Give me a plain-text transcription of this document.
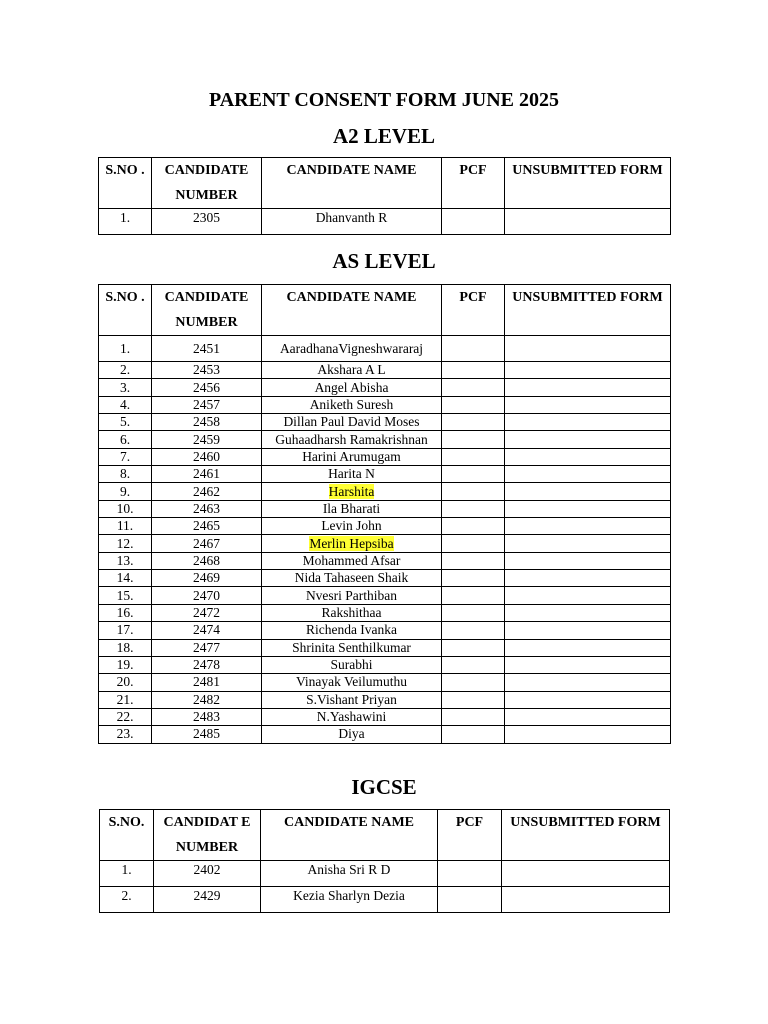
PARENT CONSENT FORM JUNE 2025
A2 LEVEL
S.NO .	CANDIDATE NUMBER	CANDIDATE NAME	PCF	UNSUBMITTED FORM
1.	2305	Dhanvanth R		
AS LEVEL
S.NO .	CANDIDATE NUMBER	CANDIDATE NAME	PCF	UNSUBMITTED FORM
1.	2451	AaradhanaVigneshwararaj		
2.	2453	Akshara A L		
3.	2456	Angel Abisha		
4.	2457	Aniketh Suresh		
5.	2458	Dillan Paul David Moses		
6.	2459	Guhaadharsh Ramakrishnan		
7.	2460	Harini Arumugam		
8.	2461	Harita N		
9.	2462	Harshita		
10.	2463	Ila Bharati		
11.	2465	Levin John		
12.	2467	Merlin Hepsiba		
13.	2468	Mohammed Afsar		
14.	2469	Nida Tahaseen Shaik		
15.	2470	Nvesri Parthiban		
16.	2472	Rakshithaa		
17.	2474	Richenda Ivanka		
18.	2477	Shrinita Senthilkumar		
19.	2478	Surabhi		
20.	2481	Vinayak Veilumuthu		
21.	2482	S.Vishant Priyan		
22.	2483	N.Yashawini		
23.	2485	Diya		
IGCSE
S.NO.	CANDIDAT E NUMBER	CANDIDATE NAME	PCF	UNSUBMITTED FORM
1.	2402	Anisha Sri R D		
2.	2429	Kezia Sharlyn Dezia		
